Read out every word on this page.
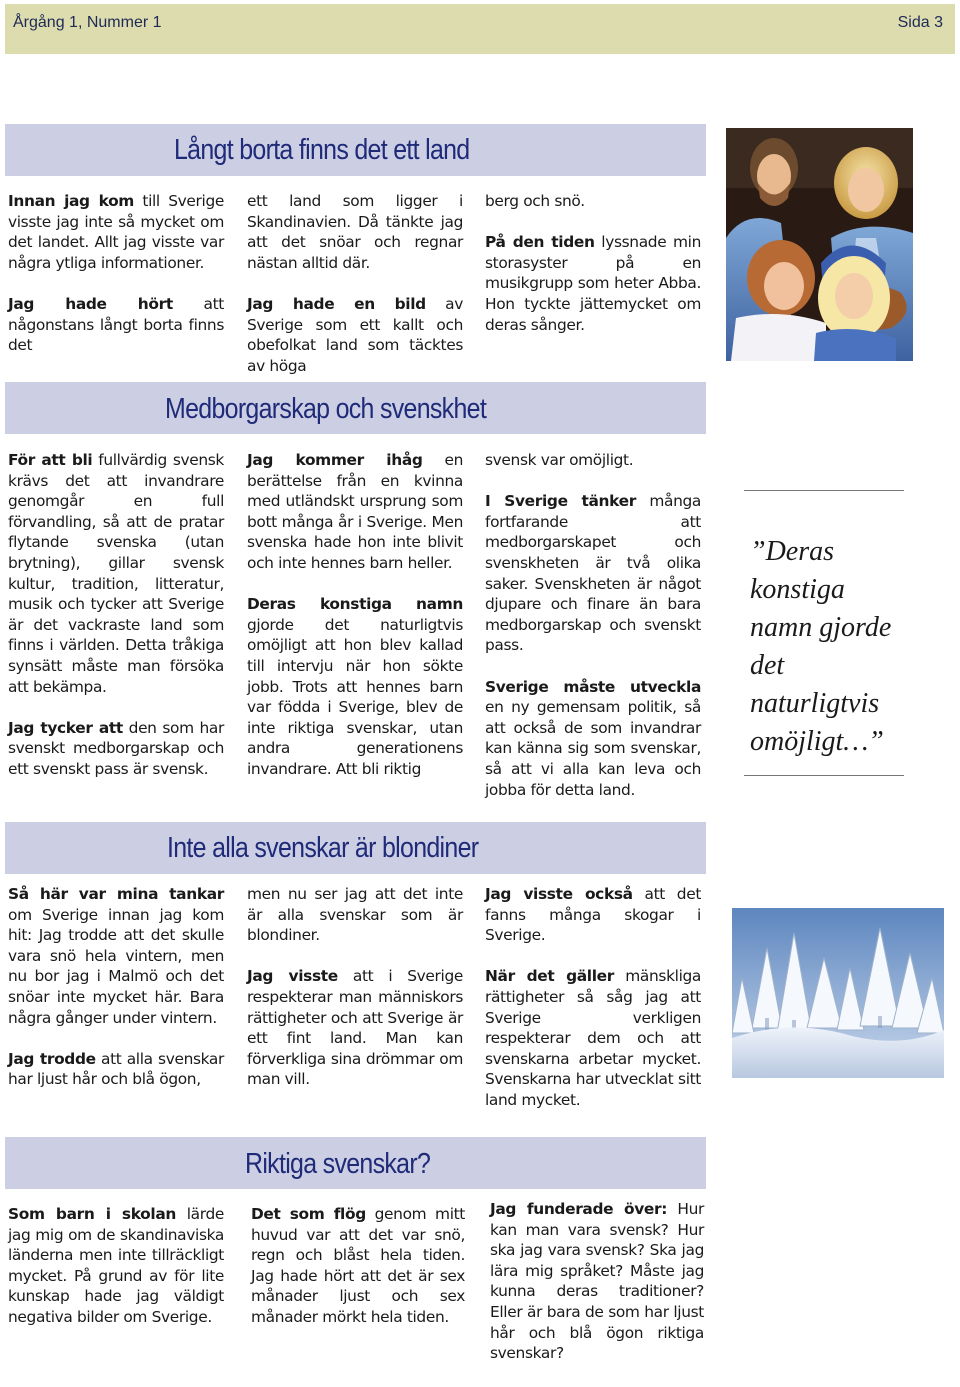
Årgång 1, Nummer 1	Sida 3
Långt borta finns det ett land

Innan jag kom till Sverige visste jag inte så mycket om det landet. Allt jag visste var några ytliga informationer.

Jag hade hört att någonstans långt borta finns det

ett land som ligger i Skandinavien. Då tänkte jag att det snöar och regnar nästan alltid där.

Jag hade en bild av Sverige som ett kallt och obefolkat land som täcktes av höga

berg och snö.

På den tiden lyssnade min storasyster på en musikgrupp som heter Abba. Hon tyckte jättemycket om deras sånger.

Medborgarskap och svenskhet

För att bli fullvärdig svensk krävs det att invandrare genomgår en full förvandling, så att de pratar flytande svenska (utan brytning), gillar svensk kultur, tradition, litteratur, musik och tycker att Sverige är det vackraste land som finns i världen. Detta tråkiga synsätt måste man försöka att bekämpa.

Jag tycker att den som har svenskt medborgarskap och ett svenskt pass är svensk.

Jag kommer ihåg en berättelse från en kvinna med utländskt ursprung som bott många år i Sverige. Men svenska hade hon inte blivit och inte hennes barn heller.

Deras konstiga namn gjorde det naturligtvis omöjligt att hon blev kallad till intervju när hon sökte jobb. Trots att hennes barn var födda i Sverige, blev de inte riktiga svenskar, utan andra generationens invandrare. Att bli riktig

svensk var omöjligt.

I Sverige tänker många fortfarande att medborgarskapet och svenskheten är två olika saker. Svenskheten är något djupare och finare än bara medborgarskap och svenskt pass.

Sverige måste utveckla en ny gemensam politik, så att också de som invandrar kan känna sig som svenskar, så att vi alla kan leva och jobba för detta land.

”Deras konstiga namn gjorde det naturligtvis omöjligt…”
Inte alla svenskar är blondiner

Så här var mina tankar om Sverige innan jag kom hit: Jag trodde att det skulle vara snö hela vintern, men nu bor jag i Malmö och det snöar inte mycket här. Bara några gånger under vintern.

Jag trodde att alla svenskar har ljust hår och blå ögon,

men nu ser jag att det inte är alla svenskar som är blondiner.

Jag visste att i Sverige respekterar man människors rättigheter och att Sverige är ett fint land. Man kan förverkliga sina drömmar om man vill.

Jag visste också att det fanns många skogar i Sverige.

När det gäller mänskliga rättigheter så såg jag att Sverige verkligen respekterar dem och att svenskarna arbetar mycket. Svenskarna har utvecklat sitt land mycket.

Riktiga svenskar?

Som barn i skolan lärde jag mig om de skandinaviska länderna men inte tillräckligt mycket. På grund av för lite kunskap hade jag väldigt negativa bilder om Sverige.

Det som flög genom mitt huvud var att det var snö, regn och blåst hela tiden. Jag hade hört att det är sex månader ljust och sex månader mörkt hela tiden.

Jag funderade över: Hur kan man vara svensk? Hur ska jag vara svensk? Ska jag lära mig språket? Måste jag kunna deras traditioner? Eller är bara de som har ljust hår och blå ögon riktiga svenskar?
